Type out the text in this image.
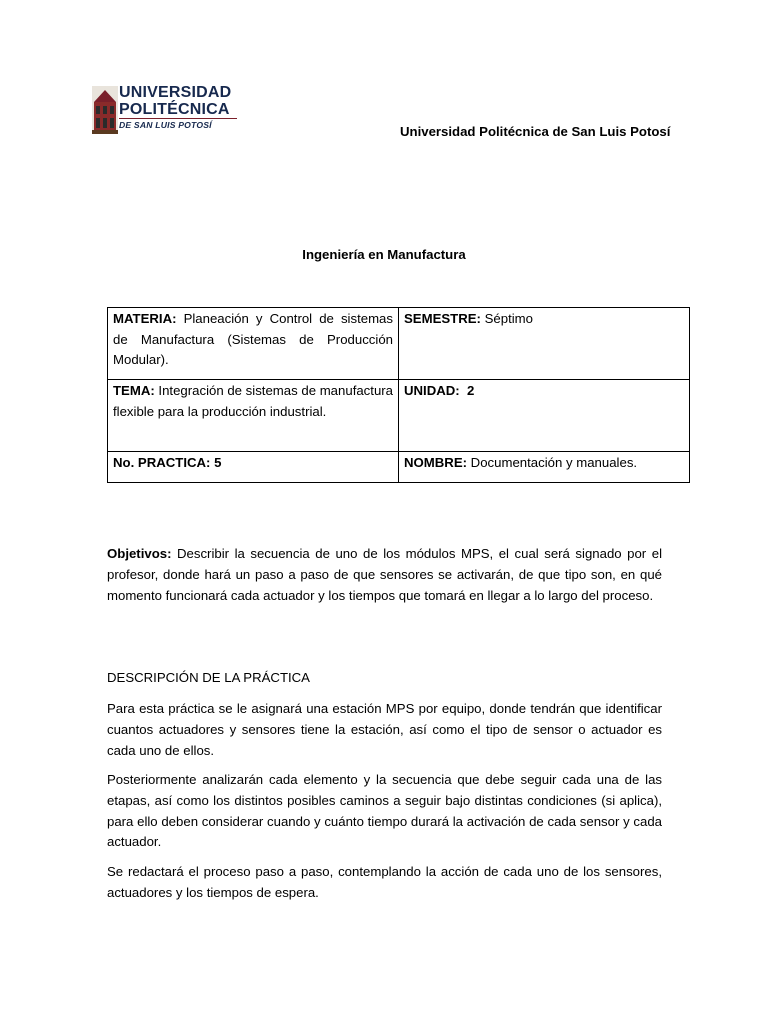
UNIVERSIDAD
POLITÉCNICA
DE SAN LUIS POTOSÍ	Universidad Politécnica de San Luis Potosí
Ingeniería en Manufactura
MATERIA: Planeación y Control de sistemas de Manufactura (Sistemas de Producción Modular).	SEMESTRE: Séptimo
TEMA: Integración de sistemas de manufactura flexible para la producción industrial.	UNIDAD:  2
No. PRACTICA: 5	NOMBRE: Documentación y manuales.

Objetivos: Describir la secuencia de uno de los módulos MPS, el cual será signado por el profesor, donde hará un paso a paso de que sensores se activarán, de que tipo son, en qué momento funcionará cada actuador y los tiempos que tomará en llegar a lo largo del proceso.

DESCRIPCIÓN DE LA PRÁCTICA

Para esta práctica se le asignará una estación MPS por equipo, donde tendrán que identificar cuantos actuadores y sensores tiene la estación, así como el tipo de sensor o actuador es cada uno de ellos.

Posteriormente analizarán cada elemento y la secuencia que debe seguir cada una de las etapas, así como los distintos posibles caminos a seguir bajo distintas condiciones (si aplica), para ello deben considerar cuando y cuánto tiempo durará la activación de cada sensor y cada actuador.

Se redactará el proceso paso a paso, contemplando la acción de cada uno de los sensores, actuadores y los tiempos de espera.
